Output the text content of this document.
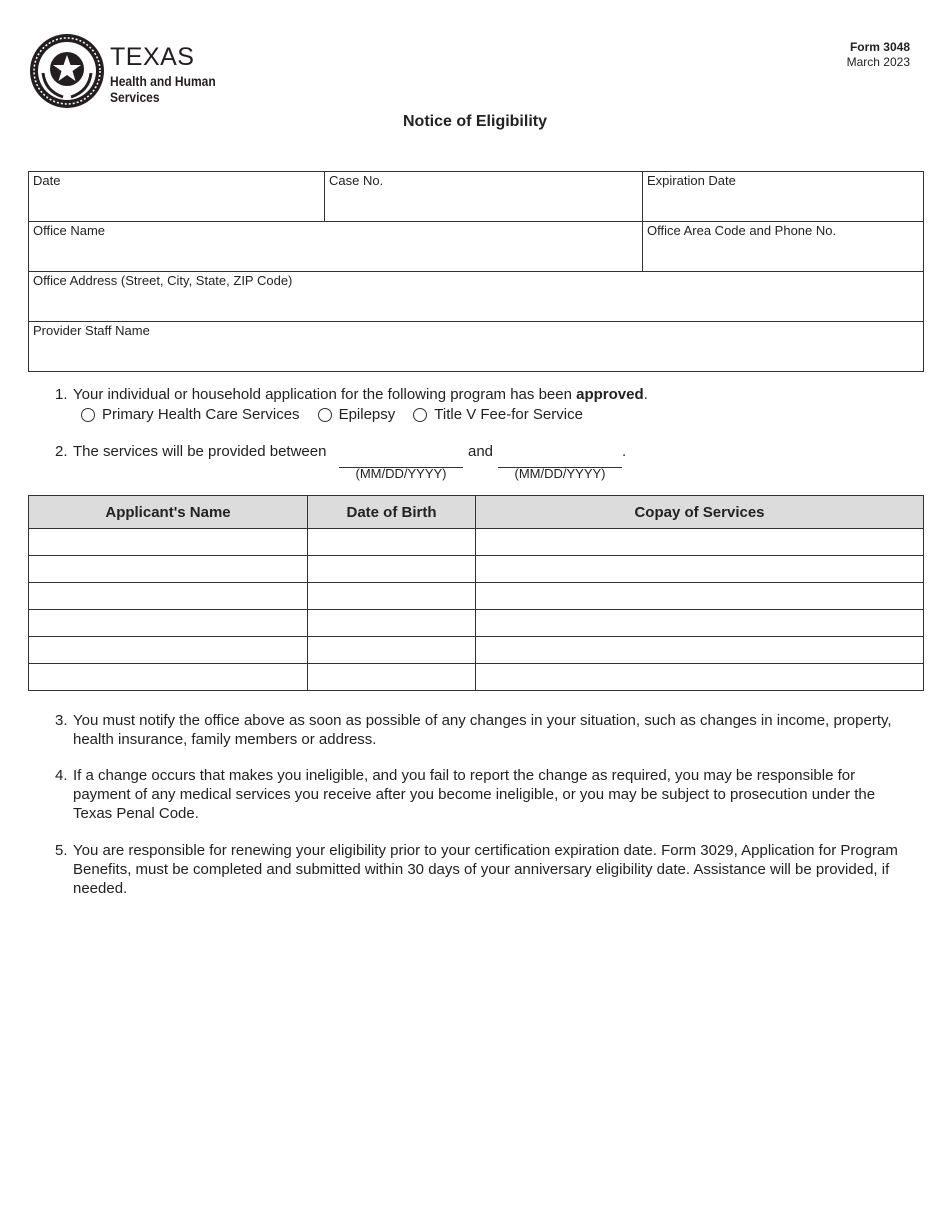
TEXAS
Health and Human Services
Form 3048
March 2023
Notice of Eligibility
Date	Case No.	Expiration Date

Office Name		Office Area Code and Phone No.

Office Address (Street, City, State, ZIP Code)		

Provider Staff Name		
1. Your individual or household application for the following program has been approved.
Primary Health Care Services	Epilepsy	Title V Fee-for Service
2. The services will be provided between	and	.
(MM/DD/YYYY)	(MM/DD/YYYY)
Applicant's Name	Date of Birth	Copay of Services

3. You must notify the office above as soon as possible of any changes in your situation, such as changes in income, property, health insurance, family members or address.
4. If a change occurs that makes you ineligible, and you fail to report the change as required, you may be responsible for payment of any medical services you receive after you become ineligible, or you may be subject to prosecution under the Texas Penal Code.
5. You are responsible for renewing your eligibility prior to your certification expiration date. Form 3029, Application for Program Benefits, must be completed and submitted within 30 days of your anniversary eligibility date. Assistance will be provided, if needed.
